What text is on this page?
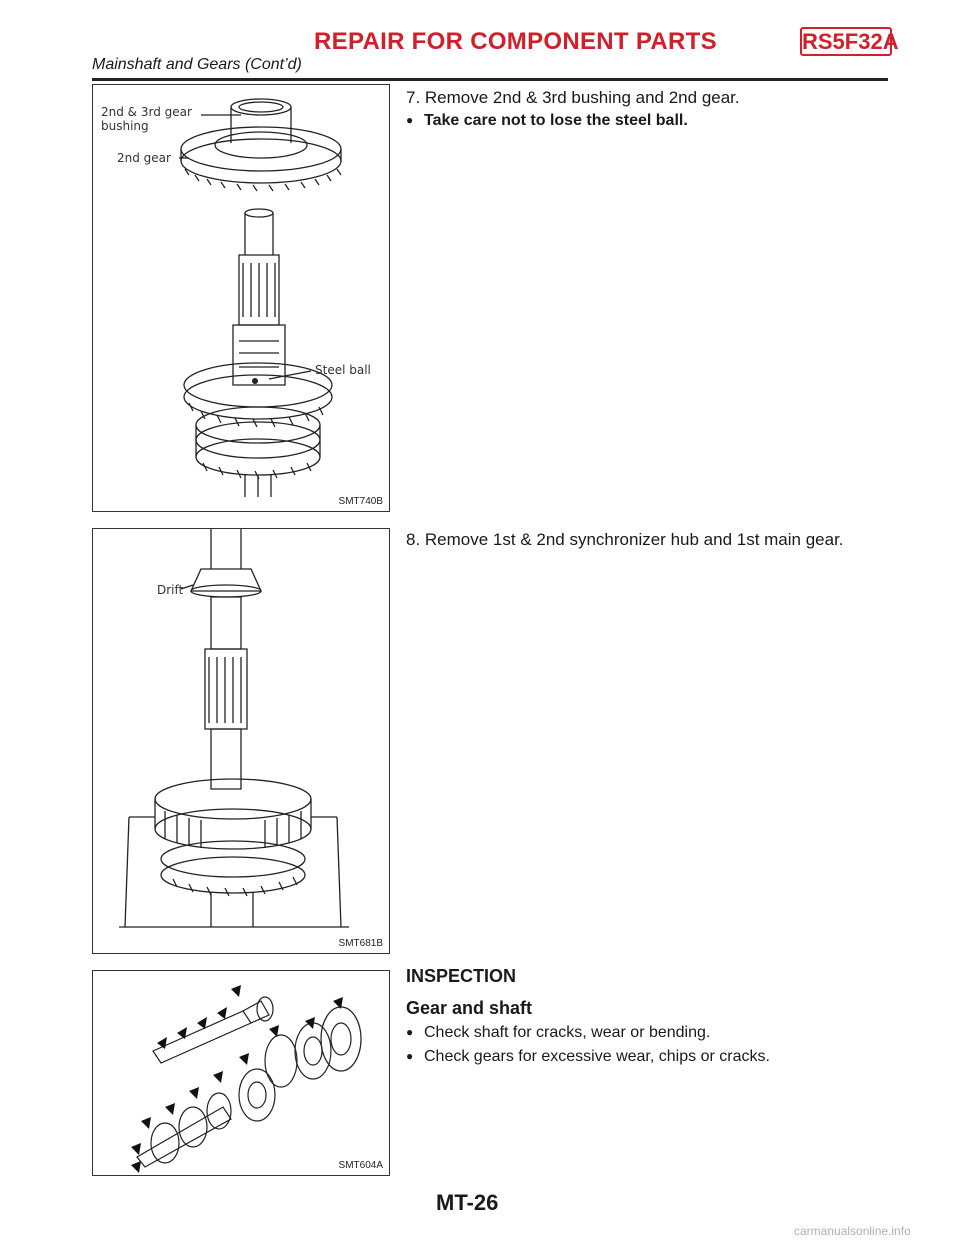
REPAIR FOR COMPONENT PARTS	RS5F32A
Mainshaft and Gears (Cont’d)
2nd & 3rd gear
bushing
2nd gear
Steel ball
SMT740B
Drift
SMT681B
SMT604A
7. Remove 2nd & 3rd bushing and 2nd gear.
● Take care not to lose the steel ball.
8. Remove 1st & 2nd synchronizer hub and 1st main gear.
INSPECTION
Gear and shaft
● Check shaft for cracks, wear or bending.
● Check gears for excessive wear, chips or cracks.
MT-26
carmanualsonline.info
